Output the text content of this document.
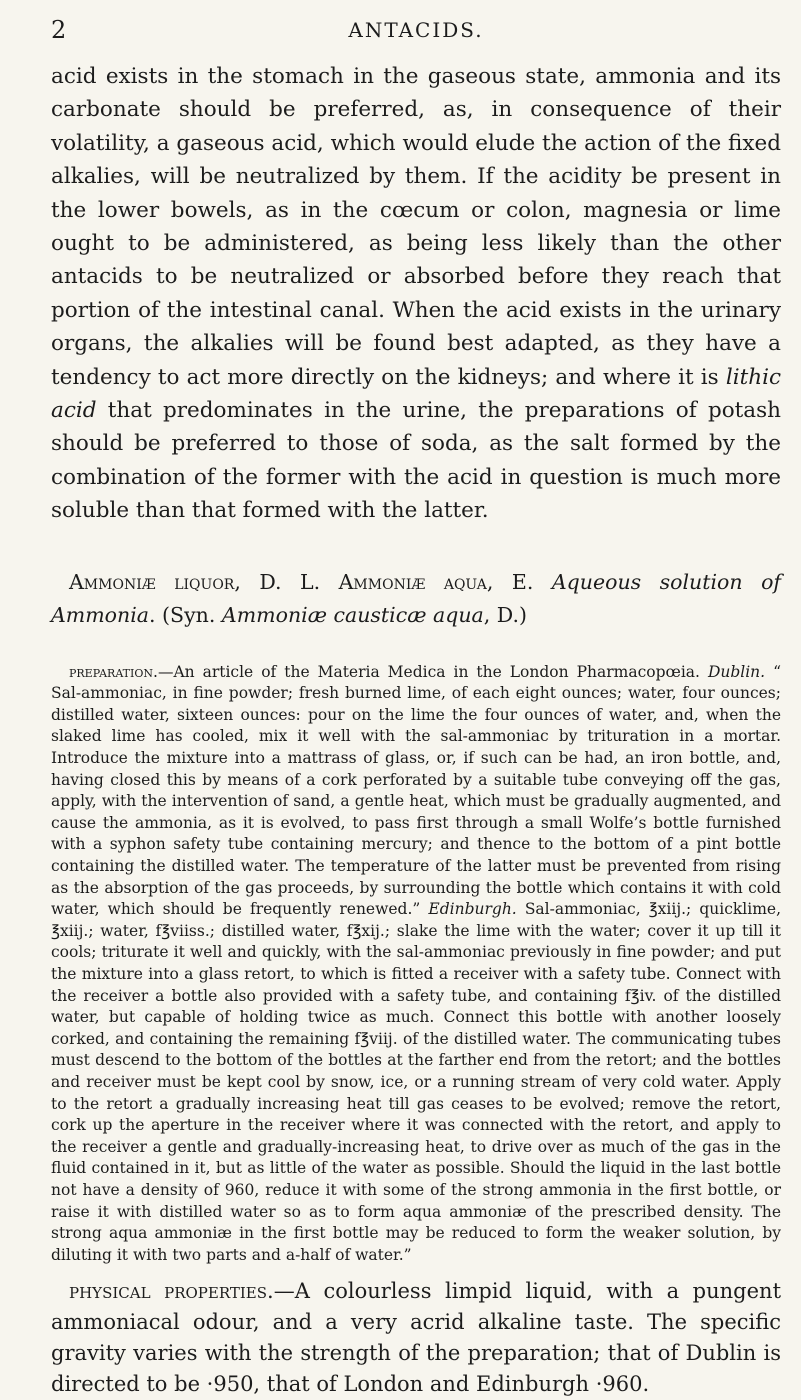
2	ANTACIDS.

acid exists in the stomach in the gaseous state, ammonia and its carbonate should be preferred, as, in consequence of their volatility, a gaseous acid, which would elude the action of the fixed alkalies, will be neutralized by them. If the acidity be present in the lower bowels, as in the cœcum or colon, magnesia or lime ought to be administered, as being less likely than the other antacids to be neutralized or absorbed before they reach that portion of the intestinal canal. When the acid exists in the urinary organs, the alkalies will be found best adapted, as they have a tendency to act more directly on the kidneys; and where it is lithic acid that predominates in the urine, the preparations of potash should be preferred to those of soda, as the salt formed by the combination of the former with the acid in question is much more soluble than that formed with the latter.

Ammoniæ liquor, D. L. Ammoniæ aqua, E. Aqueous solution of Ammonia. (Syn. Ammoniæ causticæ aqua, D.)

preparation.—An article of the Materia Medica in the London Pharmacopœia. Dublin. “ Sal-ammoniac, in fine powder; fresh burned lime, of each eight ounces; water, four ounces; distilled water, sixteen ounces: pour on the lime the four ounces of water, and, when the slaked lime has cooled, mix it well with the sal-ammoniac by trituration in a mortar. Introduce the mixture into a mattrass of glass, or, if such can be had, an iron bottle, and, having closed this by means of a cork perforated by a suitable tube conveying off the gas, apply, with the intervention of sand, a gentle heat, which must be gradually augmented, and cause the ammonia, as it is evolved, to pass first through a small Wolfe’s bottle furnished with a syphon safety tube containing mercury; and thence to the bottom of a pint bottle containing the distilled water. The temperature of the latter must be prevented from rising as the absorption of the gas proceeds, by surrounding the bottle which contains it with cold water, which should be frequently renewed.” Edinburgh. Sal-ammoniac, ℥xiij.; quicklime, ℥xiij.; water, f℥viiss.; distilled water, f℥xij.; slake the lime with the water; cover it up till it cools; triturate it well and quickly, with the sal-ammoniac previously in fine powder; and put the mixture into a glass retort, to which is fitted a receiver with a safety tube. Connect with the receiver a bottle also provided with a safety tube, and containing f℥iv. of the distilled water, but capable of holding twice as much. Connect this bottle with another loosely corked, and containing the remaining f℥viij. of the distilled water. The communicating tubes must descend to the bottom of the bottles at the farther end from the retort; and the bottles and receiver must be kept cool by snow, ice, or a running stream of very cold water. Apply to the retort a gradually increasing heat till gas ceases to be evolved; remove the retort, cork up the aperture in the receiver where it was connected with the retort, and apply to the receiver a gentle and gradually-increasing heat, to drive over as much of the gas in the fluid contained in it, but as little of the water as possible. Should the liquid in the last bottle not have a density of 960, reduce it with some of the strong ammonia in the first bottle, or raise it with distilled water so as to form aqua ammoniæ of the prescribed density. The strong aqua ammoniæ in the first bottle may be reduced to form the weaker solution, by diluting it with two parts and a-half of water.”

physical properties.—A colourless limpid liquid, with a pungent ammoniacal odour, and a very acrid alkaline taste. The specific gravity varies with the strength of the preparation; that of Dublin is directed to be ·950, that of London and Edinburgh ·960.
